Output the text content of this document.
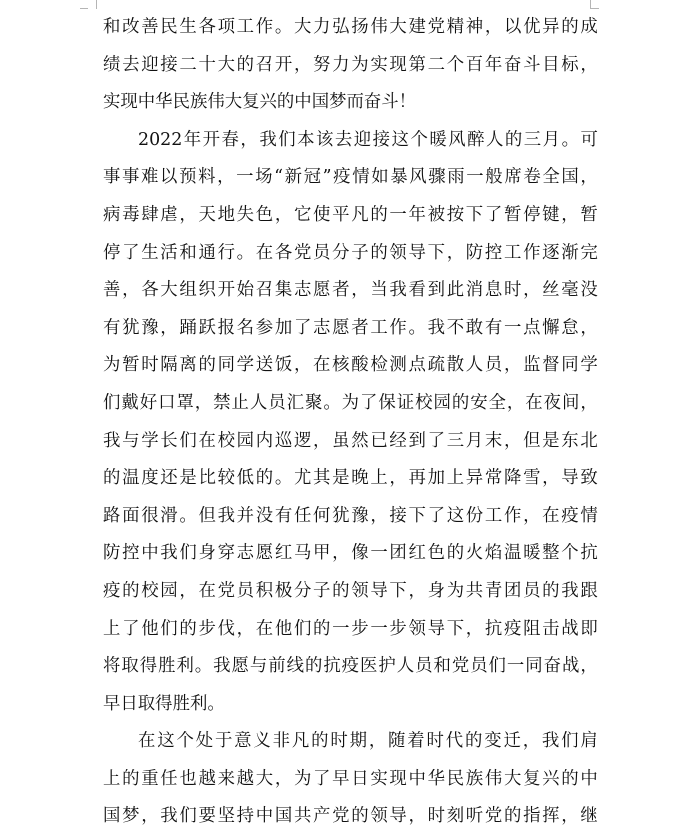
和 改 善 民 生 各 项 工 作 。 大 力 弘 扬 伟 大 建 党 精 神 ， 以 优 异 的 成
绩 去 迎 接 二 十 大 的 召 开 ， 努 力 为 实 现 第 二 个 百 年 奋 斗 目 标 ，
实现中华民族伟大复兴的中国梦而奋斗！
2022 年 开 春 ， 我 们 本 该 去 迎 接 这 个 暖 风 醉 人 的 三 月 。 可
事 事 难 以 预 料 ， 一 场 “ 新 冠 ” 疫 情 如 暴 风 骤 雨 一 般 席 卷 全 国 ，
病 毒 肆 虐 ， 天 地 失 色 ， 它 使 平 凡 的 一 年 被 按 下 了 暂 停 键 ， 暂
停 了 生 活 和 通 行 。 在 各 党 员 分 子 的 领 导 下 ， 防 控 工 作 逐 渐 完
善 ， 各 大 组 织 开 始 召 集 志 愿 者 ， 当 我 看 到 此 消 息 时 ， 丝 毫 没
有 犹 豫 ， 踊 跃 报 名 参 加 了 志 愿 者 工 作 。 我 不 敢 有 一 点 懈 怠 ，
为 暂 时 隔 离 的 同 学 送 饭 ， 在 核 酸 检 测 点 疏 散 人 员 ， 监 督 同 学
们 戴 好 口 罩 ， 禁 止 人 员 汇 聚 。 为 了 保 证 校 园 的 安 全 ， 在 夜 间 ，
我 与 学 长 们 在 校 园 内 巡 逻 ， 虽 然 已 经 到 了 三 月 末 ， 但 是 东 北
的 温 度 还 是 比 较 低 的 。 尤 其 是 晚 上 ， 再 加 上 异 常 降 雪 ， 导 致
路 面 很 滑 。 但 我 并 没 有 任 何 犹 豫 ， 接 下 了 这 份 工 作 ， 在 疫 情
防 控 中 我 们 身 穿 志 愿 红 马 甲 ， 像 一 团 红 色 的 火 焰 温 暖 整 个 抗
疫 的 校 园 ， 在 党 员 积 极 分 子 的 领 导 下 ， 身 为 共 青 团 员 的 我 跟
上 了 他 们 的 步 伐 ， 在 他 们 的 一 步 一 步 领 导 下 ， 抗 疫 阻 击 战 即
将 取 得 胜 利 。 我 愿 与 前 线 的 抗 疫 医 护 人 员 和 党 员 们 一 同 奋 战 ，
早日取得胜利。
在 这 个 处 于 意 义 非 凡 的 时 期 ， 随 着 时 代 的 变 迁 ， 我 们 肩
上 的 重 任 也 越 来 越 大 ， 为 了 早 日 实 现 中 华 民 族 伟 大 复 兴 的 中
国 梦 ， 我 们 要 坚 持 中 国 共 产 党 的 领 导 ， 时 刻 听 党 的 指 挥 ， 继
